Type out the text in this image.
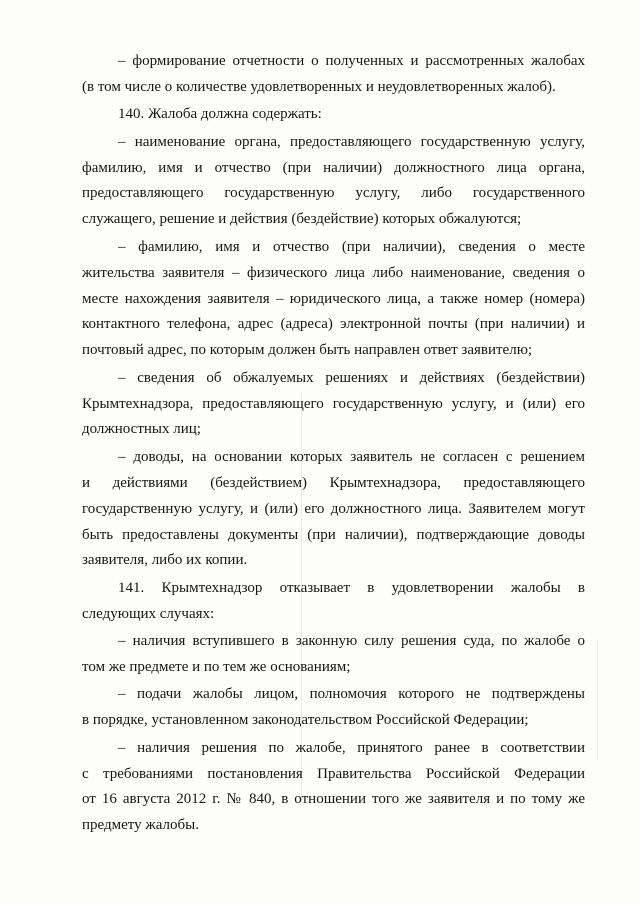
– формирование отчетности о полученных и рассмотренных жалобах
(в том числе о количестве удовлетворенных и неудовлетворенных жалоб).
140. Жалоба должна содержать:
– наименование органа, предоставляющего государственную услугу,
фамилию, имя и отчество (при наличии) должностного лица органа,
предоставляющего государственную услугу, либо государственного
служащего, решение и действия (бездействие) которых обжалуются;
– фамилию, имя и отчество (при наличии), сведения о месте
жительства заявителя – физического лица либо наименование, сведения о
месте нахождения заявителя – юридического лица, а также номер (номера)
контактного телефона, адрес (адреса) электронной почты (при наличии) и
почтовый адрес, по которым должен быть направлен ответ заявителю;
– сведения об обжалуемых решениях и действиях (бездействии)
Крымтехнадзора, предоставляющего государственную услугу, и (или) его
должностных лиц;
– доводы, на основании которых заявитель не согласен с решением
и действиями (бездействием) Крымтехнадзора, предоставляющего
государственную услугу, и (или) его должностного лица. Заявителем могут
быть предоставлены документы (при наличии), подтверждающие доводы
заявителя, либо их копии.
141. Крымтехнадзор отказывает в удовлетворении жалобы в
следующих случаях:
– наличия вступившего в законную силу решения суда, по жалобе о
том же предмете и по тем же основаниям;
– подачи жалобы лицом, полномочия которого не подтверждены
в порядке, установленном законодательством Российской Федерации;
– наличия решения по жалобе, принятого ранее в соответствии
с требованиями постановления Правительства Российской Федерации
от 16 августа 2012 г. № 840, в отношении того же заявителя и по тому же
предмету жалобы.
